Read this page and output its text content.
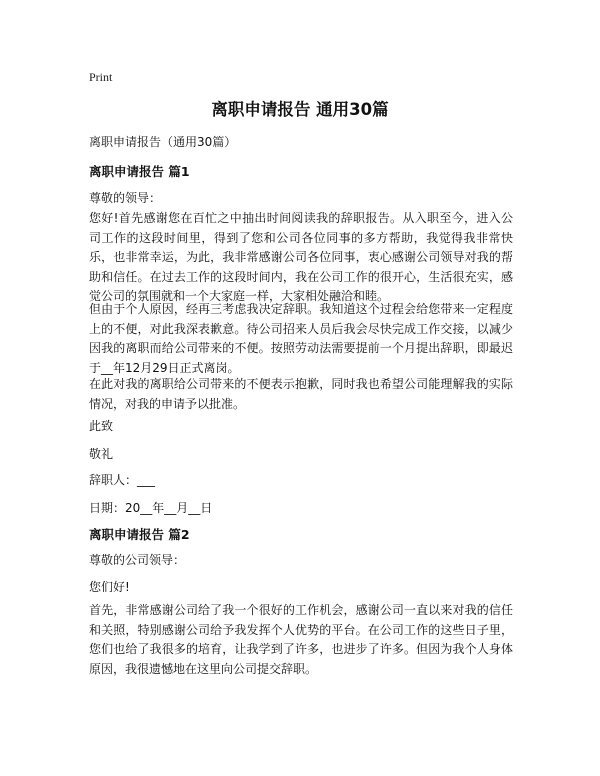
Print
离职申请报告 通用30篇
离职申请报告（通用30篇）
离职申请报告 篇1
尊敬的领导：
您好!首先感谢您在百忙之中抽出时间阅读我的辞职报告。从入职至今，进入公司工作的这段时间里，得到了您和公司各位同事的多方帮助，我觉得我非常快乐，也非常幸运，为此，我非常感谢公司各位同事，衷心感谢公司领导对我的帮助和信任。在过去工作的这段时间内，我在公司工作的很开心，生活很充实，感觉公司的氛围就和一个大家庭一样，大家相处融洽和睦。
但由于个人原因，经再三考虑我决定辞职。我知道这个过程会给您带来一定程度上的不便，对此我深表歉意。待公司招来人员后我会尽快完成工作交接，以减少因我的离职而给公司带来的不便。按照劳动法需要提前一个月提出辞职，即最迟于__年12月29日正式离岗。
在此对我的离职给公司带来的不便表示抱歉，同时我也希望公司能理解我的实际情况，对我的申请予以批准。
此致
敬礼
辞职人：___
日期：20__年__月__日
离职申请报告 篇2
尊敬的公司领导：
您们好!
首先，非常感谢公司给了我一个很好的工作机会，感谢公司一直以来对我的信任和关照，特别感谢公司给予我发挥个人优势的平台。在公司工作的这些日子里，您们也给了我很多的培育，让我学到了许多，也进步了许多。但因为我个人身体原因，我很遗憾地在这里向公司提交辞职。
